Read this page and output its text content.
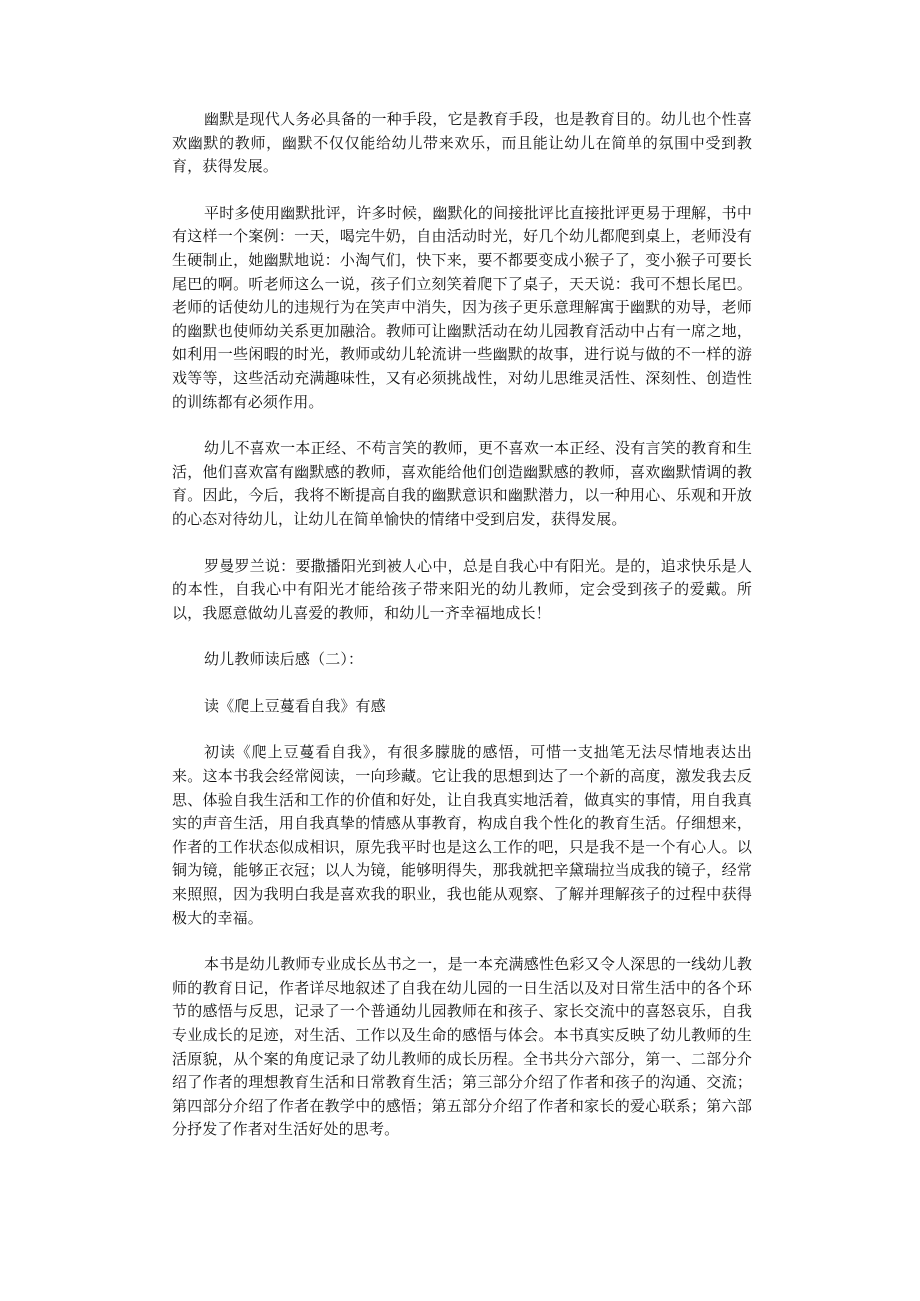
幽默是现代人务必具备的一种手段，它是教育手段，也是教育目的。幼儿也个性喜欢幽默的教师，幽默不仅仅能给幼儿带来欢乐，而且能让幼儿在简单的氛围中受到教育，获得发展。

平时多使用幽默批评，许多时候，幽默化的间接批评比直接批评更易于理解，书中有这样一个案例：一天，喝完牛奶，自由活动时光，好几个幼儿都爬到桌上，老师没有生硬制止，她幽默地说：小淘气们，快下来，要不都要变成小猴子了，变小猴子可要长尾巴的啊。听老师这么一说，孩子们立刻笑着爬下了桌子，天天说：我可不想长尾巴。老师的话使幼儿的违规行为在笑声中消失，因为孩子更乐意理解寓于幽默的劝导，老师的幽默也使师幼关系更加融洽。教师可让幽默活动在幼儿园教育活动中占有一席之地，如利用一些闲暇的时光，教师或幼儿轮流讲一些幽默的故事，进行说与做的不一样的游戏等等，这些活动充满趣味性，又有必须挑战性，对幼儿思维灵活性、深刻性、创造性的训练都有必须作用。

幼儿不喜欢一本正经、不苟言笑的教师，更不喜欢一本正经、没有言笑的教育和生活，他们喜欢富有幽默感的教师，喜欢能给他们创造幽默感的教师，喜欢幽默情调的教育。因此，今后，我将不断提高自我的幽默意识和幽默潜力，以一种用心、乐观和开放的心态对待幼儿，让幼儿在简单愉快的情绪中受到启发，获得发展。

罗曼罗兰说：要撒播阳光到被人心中，总是自我心中有阳光。是的，追求快乐是人的本性，自我心中有阳光才能给孩子带来阳光的幼儿教师，定会受到孩子的爱戴。所以，我愿意做幼儿喜爱的教师，和幼儿一齐幸福地成长！

幼儿教师读后感（二）：

读《爬上豆蔓看自我》有感

初读《爬上豆蔓看自我》，有很多朦胧的感悟，可惜一支拙笔无法尽情地表达出来。这本书我会经常阅读，一向珍藏。它让我的思想到达了一个新的高度，激发我去反思、体验自我生活和工作的价值和好处，让自我真实地活着，做真实的事情，用自我真实的声音生活，用自我真挚的情感从事教育，构成自我个性化的教育生活。仔细想来，作者的工作状态似成相识，原先我平时也是这么工作的吧，只是我不是一个有心人。以铜为镜，能够正衣冠；以人为镜，能够明得失，那我就把辛黛瑞拉当成我的镜子，经常来照照，因为我明白我是喜欢我的职业，我也能从观察、了解并理解孩子的过程中获得极大的幸福。

本书是幼儿教师专业成长丛书之一，是一本充满感性色彩又令人深思的一线幼儿教师的教育日记，作者详尽地叙述了自我在幼儿园的一日生活以及对日常生活中的各个环节的感悟与反思，记录了一个普通幼儿园教师在和孩子、家长交流中的喜怒哀乐，自我专业成长的足迹，对生活、工作以及生命的感悟与体会。本书真实反映了幼儿教师的生活原貌，从个案的角度记录了幼儿教师的成长历程。全书共分六部分，第一、二部分介绍了作者的理想教育生活和日常教育生活；第三部分介绍了作者和孩子的沟通、交流；第四部分介绍了作者在教学中的感悟；第五部分介绍了作者和家长的爱心联系；第六部分抒发了作者对生活好处的思考。
